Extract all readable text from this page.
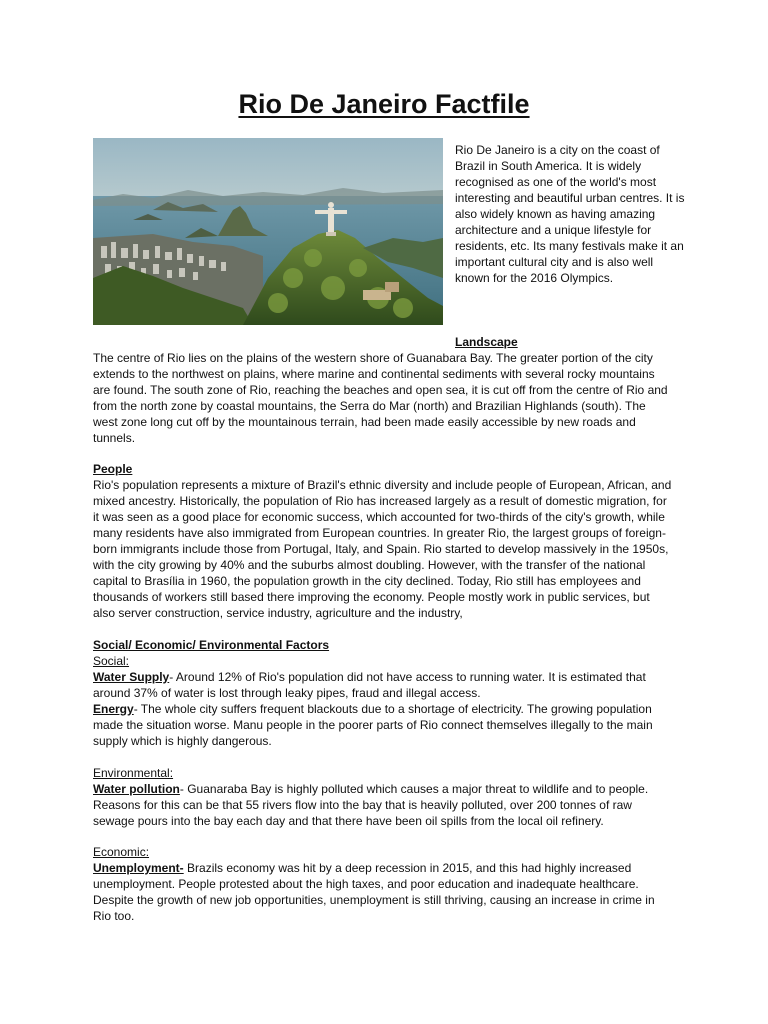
Rio De Janeiro Factfile

Rio De Janeiro is a city on the coast of Brazil in South America. It is widely recognised as one of the world's most interesting and beautiful urban centres. It is also widely known as having amazing architecture and a unique lifestyle for residents, etc. Its many festivals make it an important cultural city and is also well known for the 2016 Olympics.

Landscape

The centre of Rio lies on the plains of the western shore of Guanabara Bay. The greater portion of the city extends to the northwest on plains, where marine and continental sediments with several rocky mountains are found. The south zone of Rio, reaching the beaches and open sea, it is cut off from the centre of Rio and from the north zone by coastal mountains, the Serra do Mar (north) and Brazilian Highlands (south). The west zone long cut off by the mountainous terrain, had been made easily accessible by new roads and tunnels.

People

Rio's population represents a mixture of Brazil's ethnic diversity and include people of European, African, and mixed ancestry. Historically, the population of Rio has increased largely as a result of domestic migration, for it was seen as a good place for economic success, which accounted for two-thirds of the city's growth, while many residents have also immigrated from European countries. In greater Rio, the largest groups of foreign-born immigrants include those from Portugal, Italy, and Spain. Rio started to develop massively in the 1950s, with the city growing by 40% and the suburbs almost doubling. However, with the transfer of the national capital to Brasília in 1960, the population growth in the city declined. Today, Rio still has employees and thousands of workers still based there improving the economy. People mostly work in public services, but also server construction, service industry, agriculture and the industry,

Social/ Economic/ Environmental Factors
Social:

Water Supply- Around 12% of Rio's population did not have access to running water. It is estimated that around 37% of water is lost through leaky pipes, fraud and illegal access.

Energy- The whole city suffers frequent blackouts due to a shortage of electricity. The growing population made the situation worse. Manu people in the poorer parts of Rio connect themselves illegally to the main supply which is highly dangerous.

Environmental:

Water pollution- Guanaraba Bay is highly polluted which causes a major threat to wildlife and to people. Reasons for this can be that 55 rivers flow into the bay that is heavily polluted, over 200 tonnes of raw sewage pours into the bay each day and that there have been oil spills from the local oil refinery.

Economic:

Unemployment- Brazils economy was hit by a deep recession in 2015, and this had highly increased unemployment. People protested about the high taxes, and poor education and inadequate healthcare. Despite the growth of new job opportunities, unemployment is still thriving, causing an increase in crime in Rio too.
